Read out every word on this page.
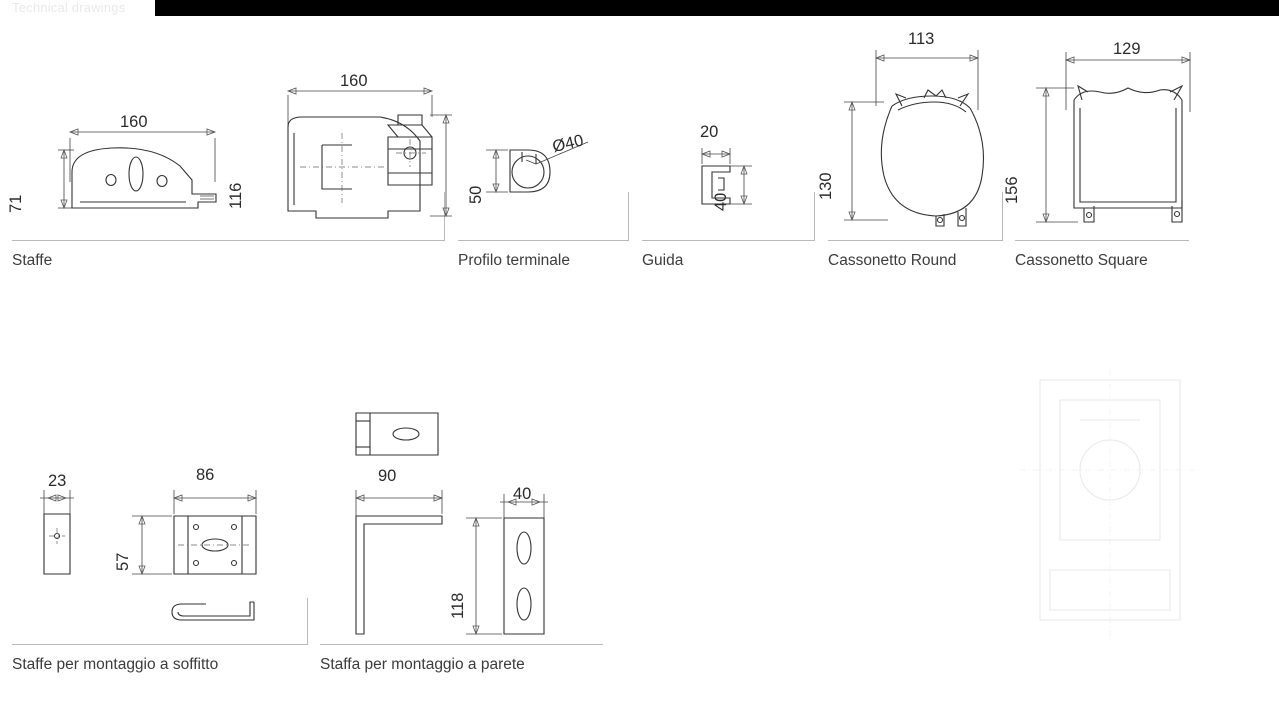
Technical drawings
160
71
160
116
Staffe
50
Ø40
Profilo terminale
20
40
Guida
113
130
Cassonetto Round
129
156
Cassonetto Square
23	86
57
Staffe per montaggio a soffitto
90
40
118
Staffa per montaggio a parete
